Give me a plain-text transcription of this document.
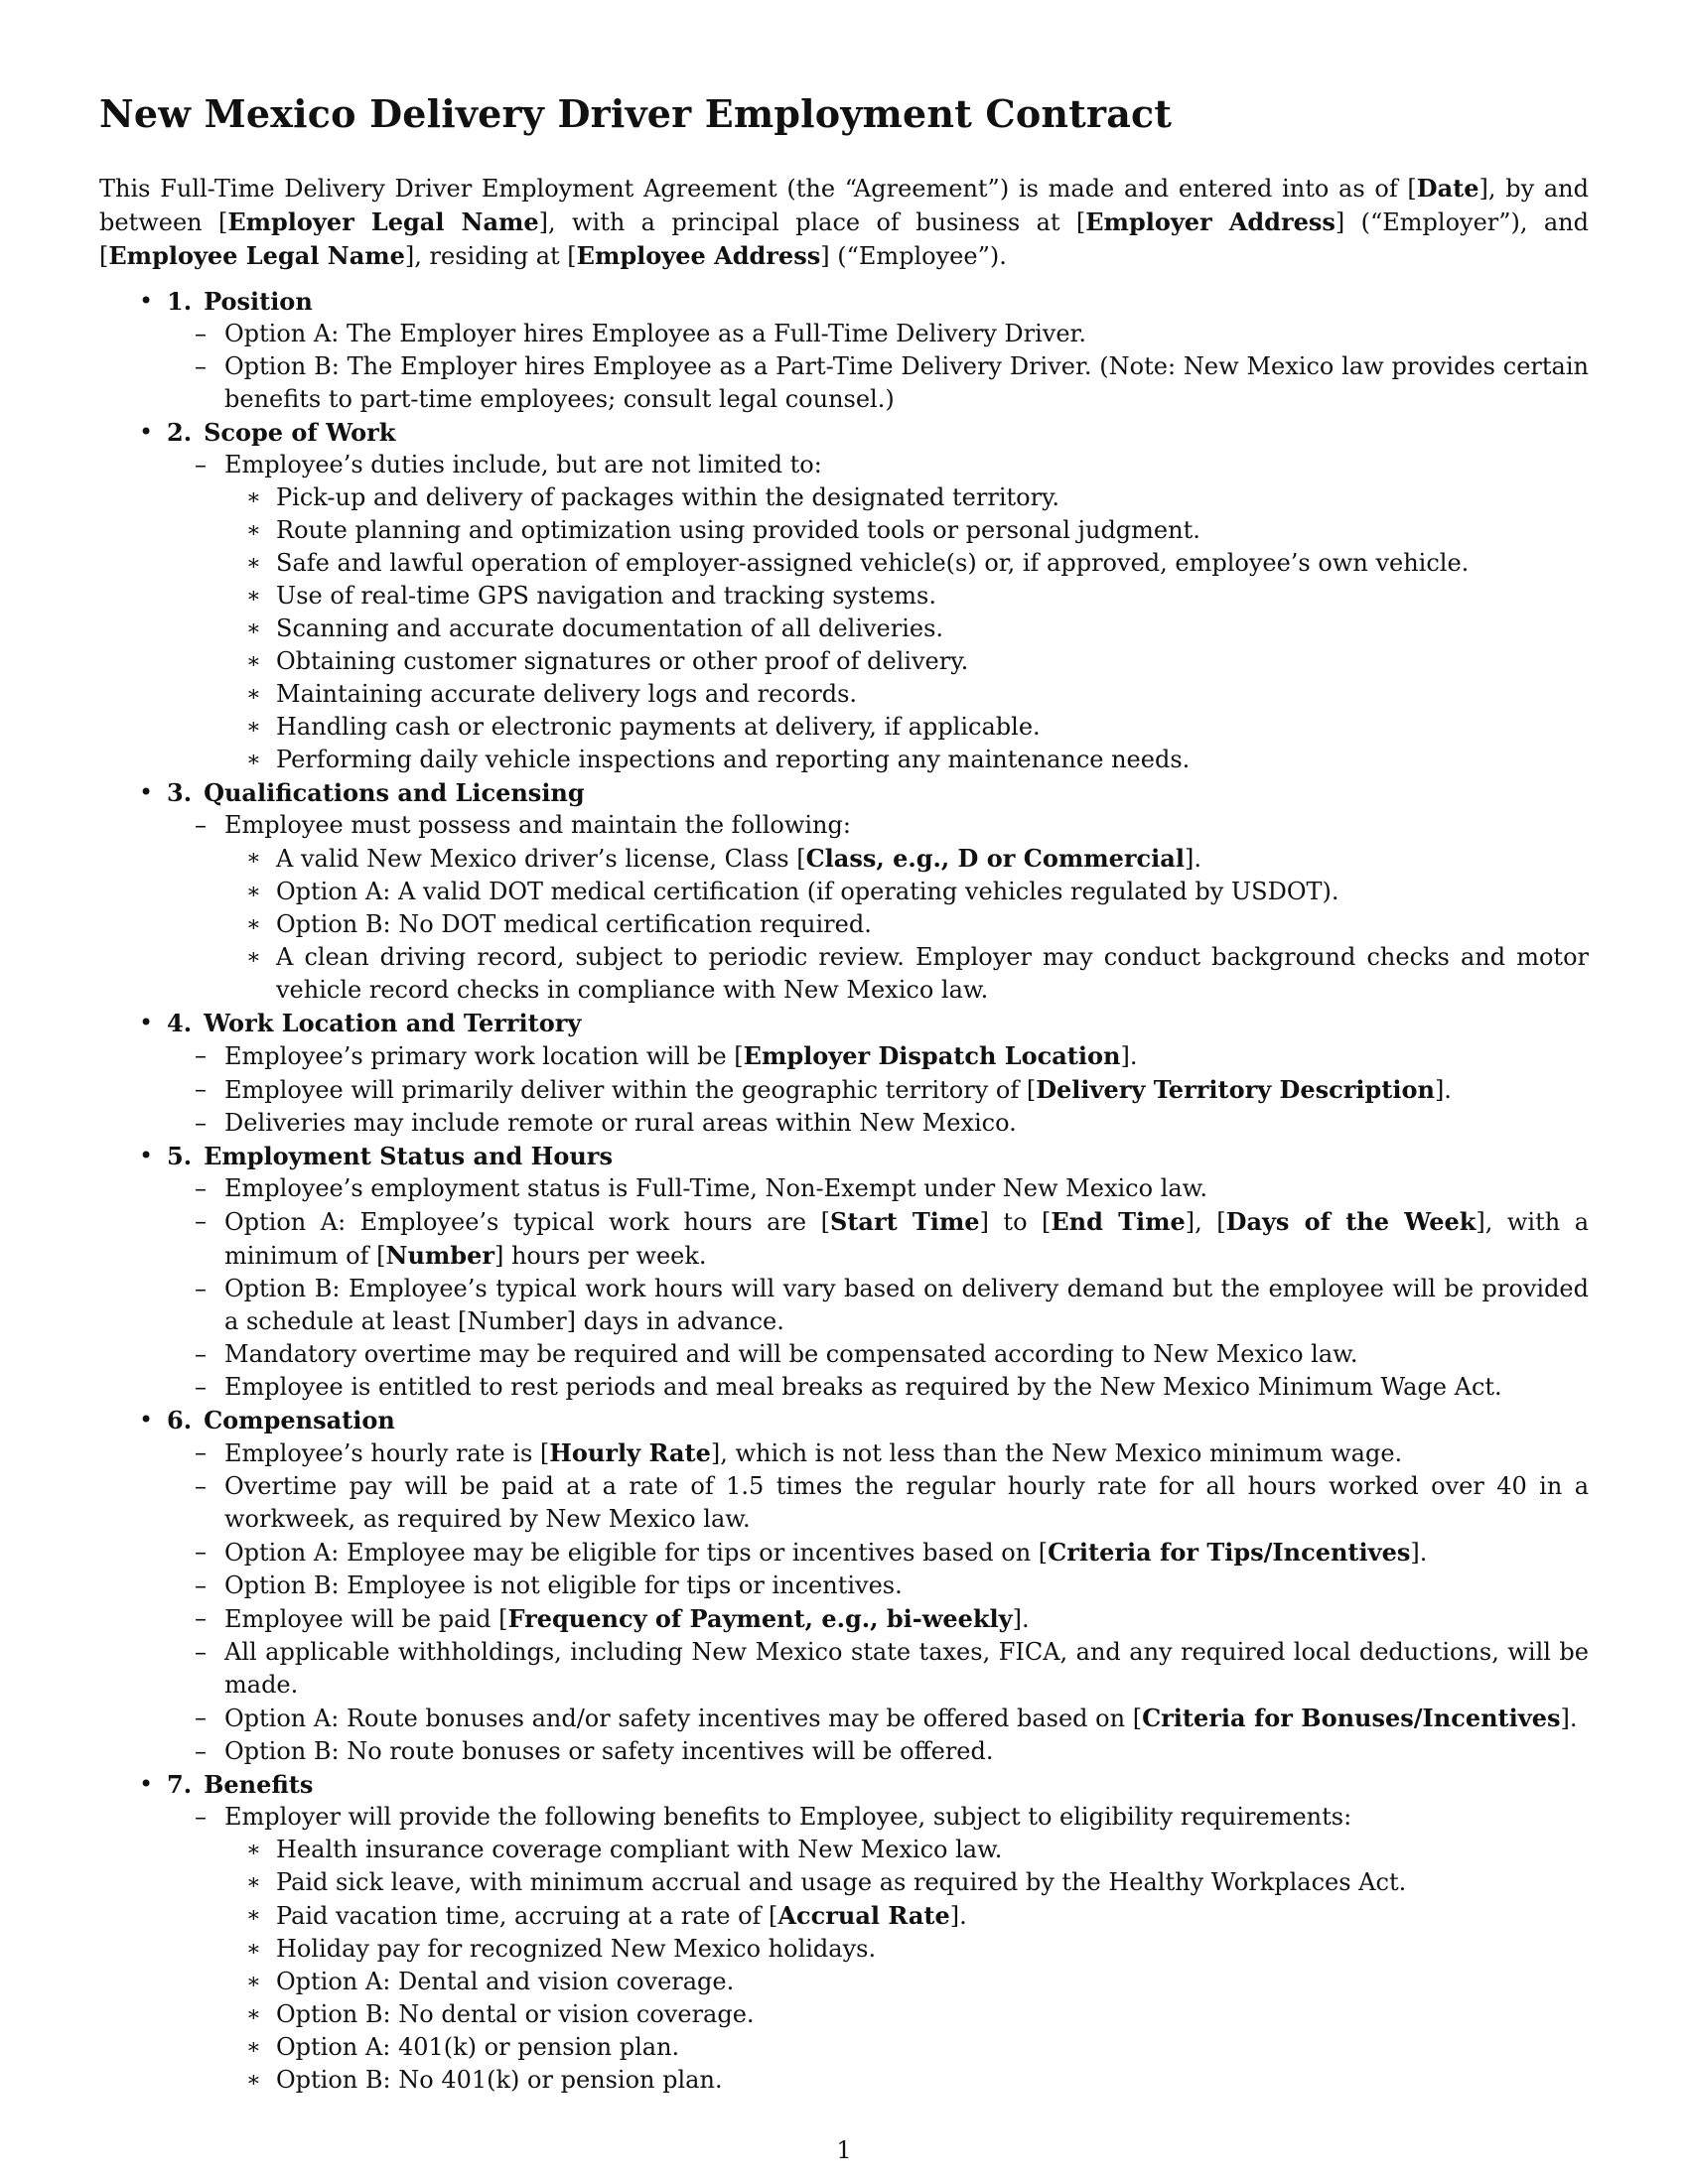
New Mexico Delivery Driver Employment Contract

This Full-Time Delivery Driver Employment Agreement (the “Agreement”) is made and entered into as of [Date], by and between [Employer Legal Name], with a principal place of business at [Employer Address] (“Employer”), and [Employee Legal Name], residing at [Employee Address] (“Employee”).

• 1. Position
– Option A: The Employer hires Employee as a Full-Time Delivery Driver.
– Option B: The Employer hires Employee as a Part-Time Delivery Driver. (Note: New Mexico law provides certain benefits to part-time employees; consult legal counsel.)
• 2. Scope of Work
– Employee’s duties include, but are not limited to:
∗ Pick-up and delivery of packages within the designated territory.
∗ Route planning and optimization using provided tools or personal judgment.
∗ Safe and lawful operation of employer-assigned vehicle(s) or, if approved, employee’s own vehicle.
∗ Use of real-time GPS navigation and tracking systems.
∗ Scanning and accurate documentation of all deliveries.
∗ Obtaining customer signatures or other proof of delivery.
∗ Maintaining accurate delivery logs and records.
∗ Handling cash or electronic payments at delivery, if applicable.
∗ Performing daily vehicle inspections and reporting any maintenance needs.
• 3. Qualifications and Licensing
– Employee must possess and maintain the following:
∗ A valid New Mexico driver’s license, Class [Class, e.g., D or Commercial].
∗ Option A: A valid DOT medical certification (if operating vehicles regulated by USDOT).
∗ Option B: No DOT medical certification required.
∗ A clean driving record, subject to periodic review. Employer may conduct background checks and motor vehicle record checks in compliance with New Mexico law.
• 4. Work Location and Territory
– Employee’s primary work location will be [Employer Dispatch Location].
– Employee will primarily deliver within the geographic territory of [Delivery Territory Description].
– Deliveries may include remote or rural areas within New Mexico.
• 5. Employment Status and Hours
– Employee’s employment status is Full-Time, Non-Exempt under New Mexico law.
– Option A: Employee’s typical work hours are [Start Time] to [End Time], [Days of the Week], with a minimum of [Number] hours per week.
– Option B: Employee’s typical work hours will vary based on delivery demand but the employee will be provided a schedule at least [Number] days in advance.
– Mandatory overtime may be required and will be compensated according to New Mexico law.
– Employee is entitled to rest periods and meal breaks as required by the New Mexico Minimum Wage Act.
• 6. Compensation
– Employee’s hourly rate is [Hourly Rate], which is not less than the New Mexico minimum wage.
– Overtime pay will be paid at a rate of 1.5 times the regular hourly rate for all hours worked over 40 in a workweek, as required by New Mexico law.
– Option A: Employee may be eligible for tips or incentives based on [Criteria for Tips/Incentives].
– Option B: Employee is not eligible for tips or incentives.
– Employee will be paid [Frequency of Payment, e.g., bi-weekly].
– All applicable withholdings, including New Mexico state taxes, FICA, and any required local deductions, will be made.
– Option A: Route bonuses and/or safety incentives may be offered based on [Criteria for Bonuses/Incentives].
– Option B: No route bonuses or safety incentives will be offered.
• 7. Benefits
– Employer will provide the following benefits to Employee, subject to eligibility requirements:
∗ Health insurance coverage compliant with New Mexico law.
∗ Paid sick leave, with minimum accrual and usage as required by the Healthy Workplaces Act.
∗ Paid vacation time, accruing at a rate of [Accrual Rate].
∗ Holiday pay for recognized New Mexico holidays.
∗ Option A: Dental and vision coverage.
∗ Option B: No dental or vision coverage.
∗ Option A: 401(k) or pension plan.
∗ Option B: No 401(k) or pension plan.
1
